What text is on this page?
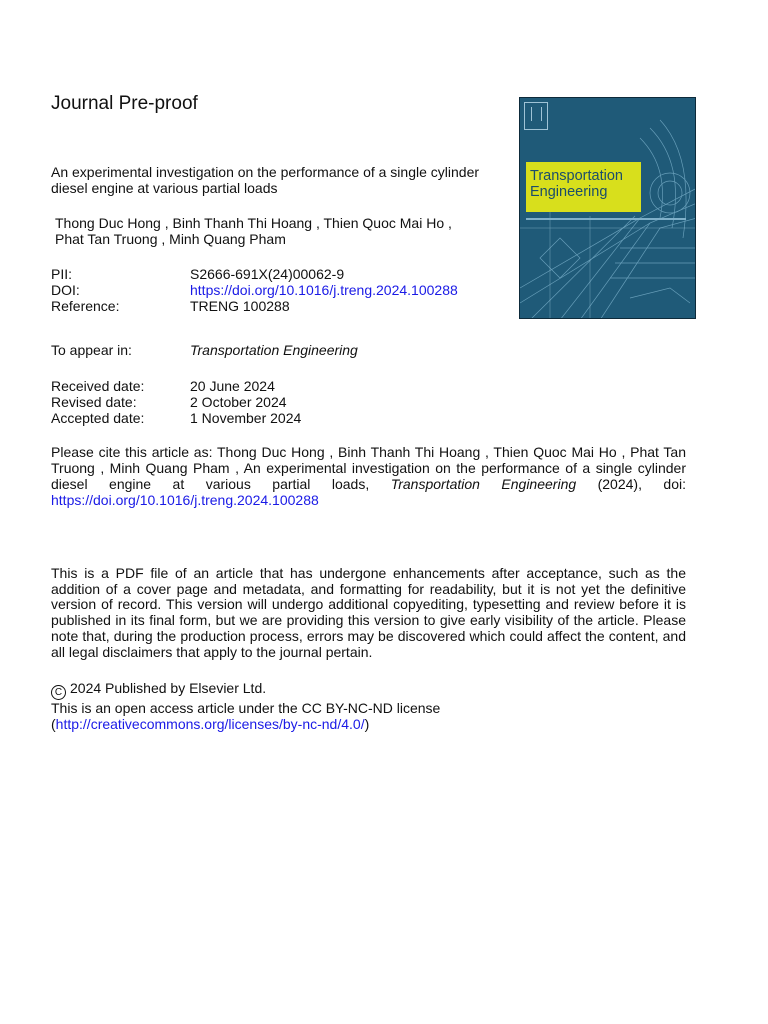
Journal Pre-proof
An experimental investigation on the performance of a single cylinder diesel engine at various partial loads
Thong Duc Hong , Binh Thanh Thi Hoang , Thien Quoc Mai Ho ,
Phat Tan Truong , Minh Quang Pham
PII:	S2666-691X(24)00062-9
DOI:	https://doi.org/10.1016/j.treng.2024.100288
Reference:	TRENG 100288
To appear in:	Transportation Engineering
Received date:	20 June 2024
Revised date:	2 October 2024
Accepted date:	1 November 2024
Please cite this article as: Thong Duc Hong , Binh Thanh Thi Hoang , Thien Quoc Mai Ho , Phat Tan Truong , Minh Quang Pham , An experimental investigation on the performance of a single cylinder diesel engine at various partial loads, Transportation Engineering (2024), doi: https://doi.org/10.1016/j.treng.2024.100288
This is a PDF file of an article that has undergone enhancements after acceptance, such as the addition of a cover page and metadata, and formatting for readability, but it is not yet the definitive version of record. This version will undergo additional copyediting, typesetting and review before it is published in its final form, but we are providing this version to give early visibility of the article. Please note that, during the production process, errors may be discovered which could affect the content, and all legal disclaimers that apply to the journal pertain.
C 2024 Published by Elsevier Ltd.
This is an open access article under the CC BY-NC-ND license
(http://creativecommons.org/licenses/by-nc-nd/4.0/)
Transportation
Engineering
